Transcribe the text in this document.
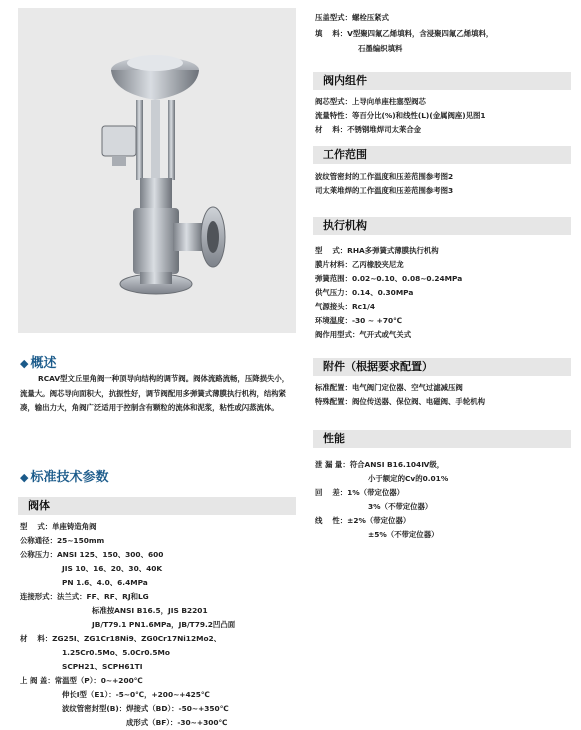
◆ 概述
RCAV型文丘里角阀一种顶导向结构的调节阀。阀体流路流畅，压降损失小，流量大。阀芯导向面积大，抗振性好，调节阀配用多弹簧式薄膜执行机构，结构紧凑，输出力大，角阀广泛适用于控制含有颗粒的流体和泥浆，粘性或闪蒸流体。
◆ 标准技术参数
阀体
型　 式：单座铸造角阀
公称通径：25~150mm
公称压力：ANSI 125、150、300、600
JIS 10、16、20、30、40K
PN 1.6、4.0、6.4MPa
连接形式：法兰式：FF、RF、RJ和LG
标准按ANSI B16.5，JIS B2201
JB/T79.1 PN1.6MPa，JB/T79.2凹凸面
材　 料：ZG25I、ZG1Cr18Ni9、ZG0Cr17Ni12Mo2、
1.25Cr0.5Mo、5.0Cr0.5Mo
SCPH21、SCPH61TI
上 阀 盖：常温型（P）：0~+200℃
伸长Ⅰ型（E1）：-5~0℃，+200~+425℃
波纹管密封型(B)：焊接式（BD）：-50~+350℃
成形式（BF）：-30~+300℃
压盖型式：螺栓压紧式
填　 料：V型聚四氟乙烯填料，含浸聚四氟乙烯填料，
石墨编织填料
阀内组件
阀芯型式：上导向单座柱塞型阀芯
流量特性：等百分比(%)和线性(L)(金属阀座)见图1
材　 料：不锈钢堆焊司太莱合金
工作范围
波纹管密封的工作温度和压差范围参考图2
司太莱堆焊的工作温度和压差范围参考图3
执行机构
型　 式：RHA多弹簧式薄膜执行机构
膜片材料：乙丙橡胶夹尼龙
弹簧范围：0.02~0.10、0.08~0.24MPa
供气压力：0.14、0.30MPa
气源接头：Rc1/4
环境温度：-30 ~ +70℃
阀作用型式：气开式或气关式
附件（根据要求配置）
标准配置：电气阀门定位器、空气过滤减压阀
特殊配置：阀位传送器、保位阀、电磁阀、手轮机构
性能
泄 漏 量：符合ANSI B16.104Ⅳ级，
小于额定的Cv的0.01%
回　 差：1%（带定位器）
3%（不带定位器）
线　 性：±2%（带定位器）
±5%（不带定位器）
